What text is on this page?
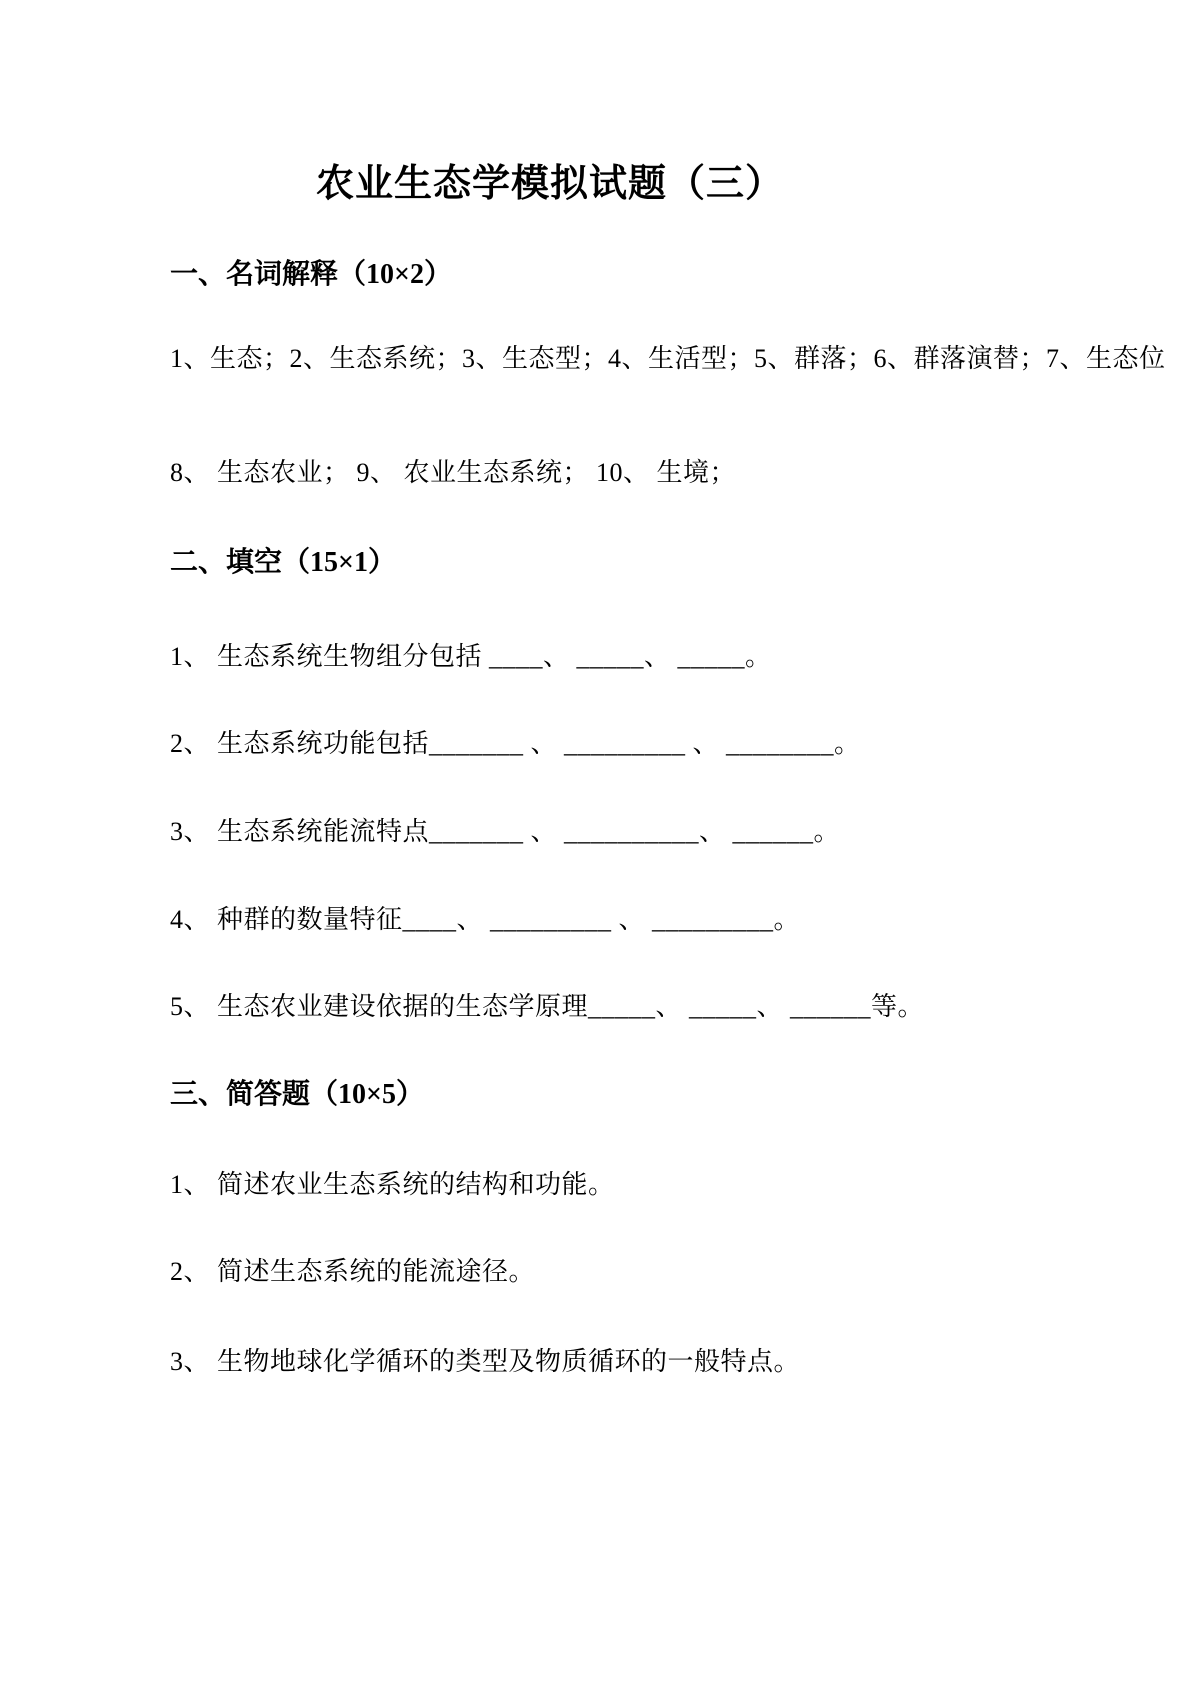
农业生态学模拟试题（三）
一、名词解释（10×2）
1、生态；2、生态系统；3、生态型；4、生活型；5、群落；6、群落演替；7、生态位
8、 生态农业； 9、 农业生态系统； 10、 生境；
二、填空（15×1）
1、 生态系统生物组分包括 ____、 _____、 _____。
2、 生态系统功能包括_______ 、 _________ 、 ________。
3、 生态系统能流特点_______ 、 __________、 ______。
4、 种群的数量特征____、 _________ 、 _________。
5、 生态农业建设依据的生态学原理_____、 _____、 ______等。
三、简答题（10×5）
1、 简述农业生态系统的结构和功能。
2、 简述生态系统的能流途径。
3、 生物地球化学循环的类型及物质循环的一般特点。
